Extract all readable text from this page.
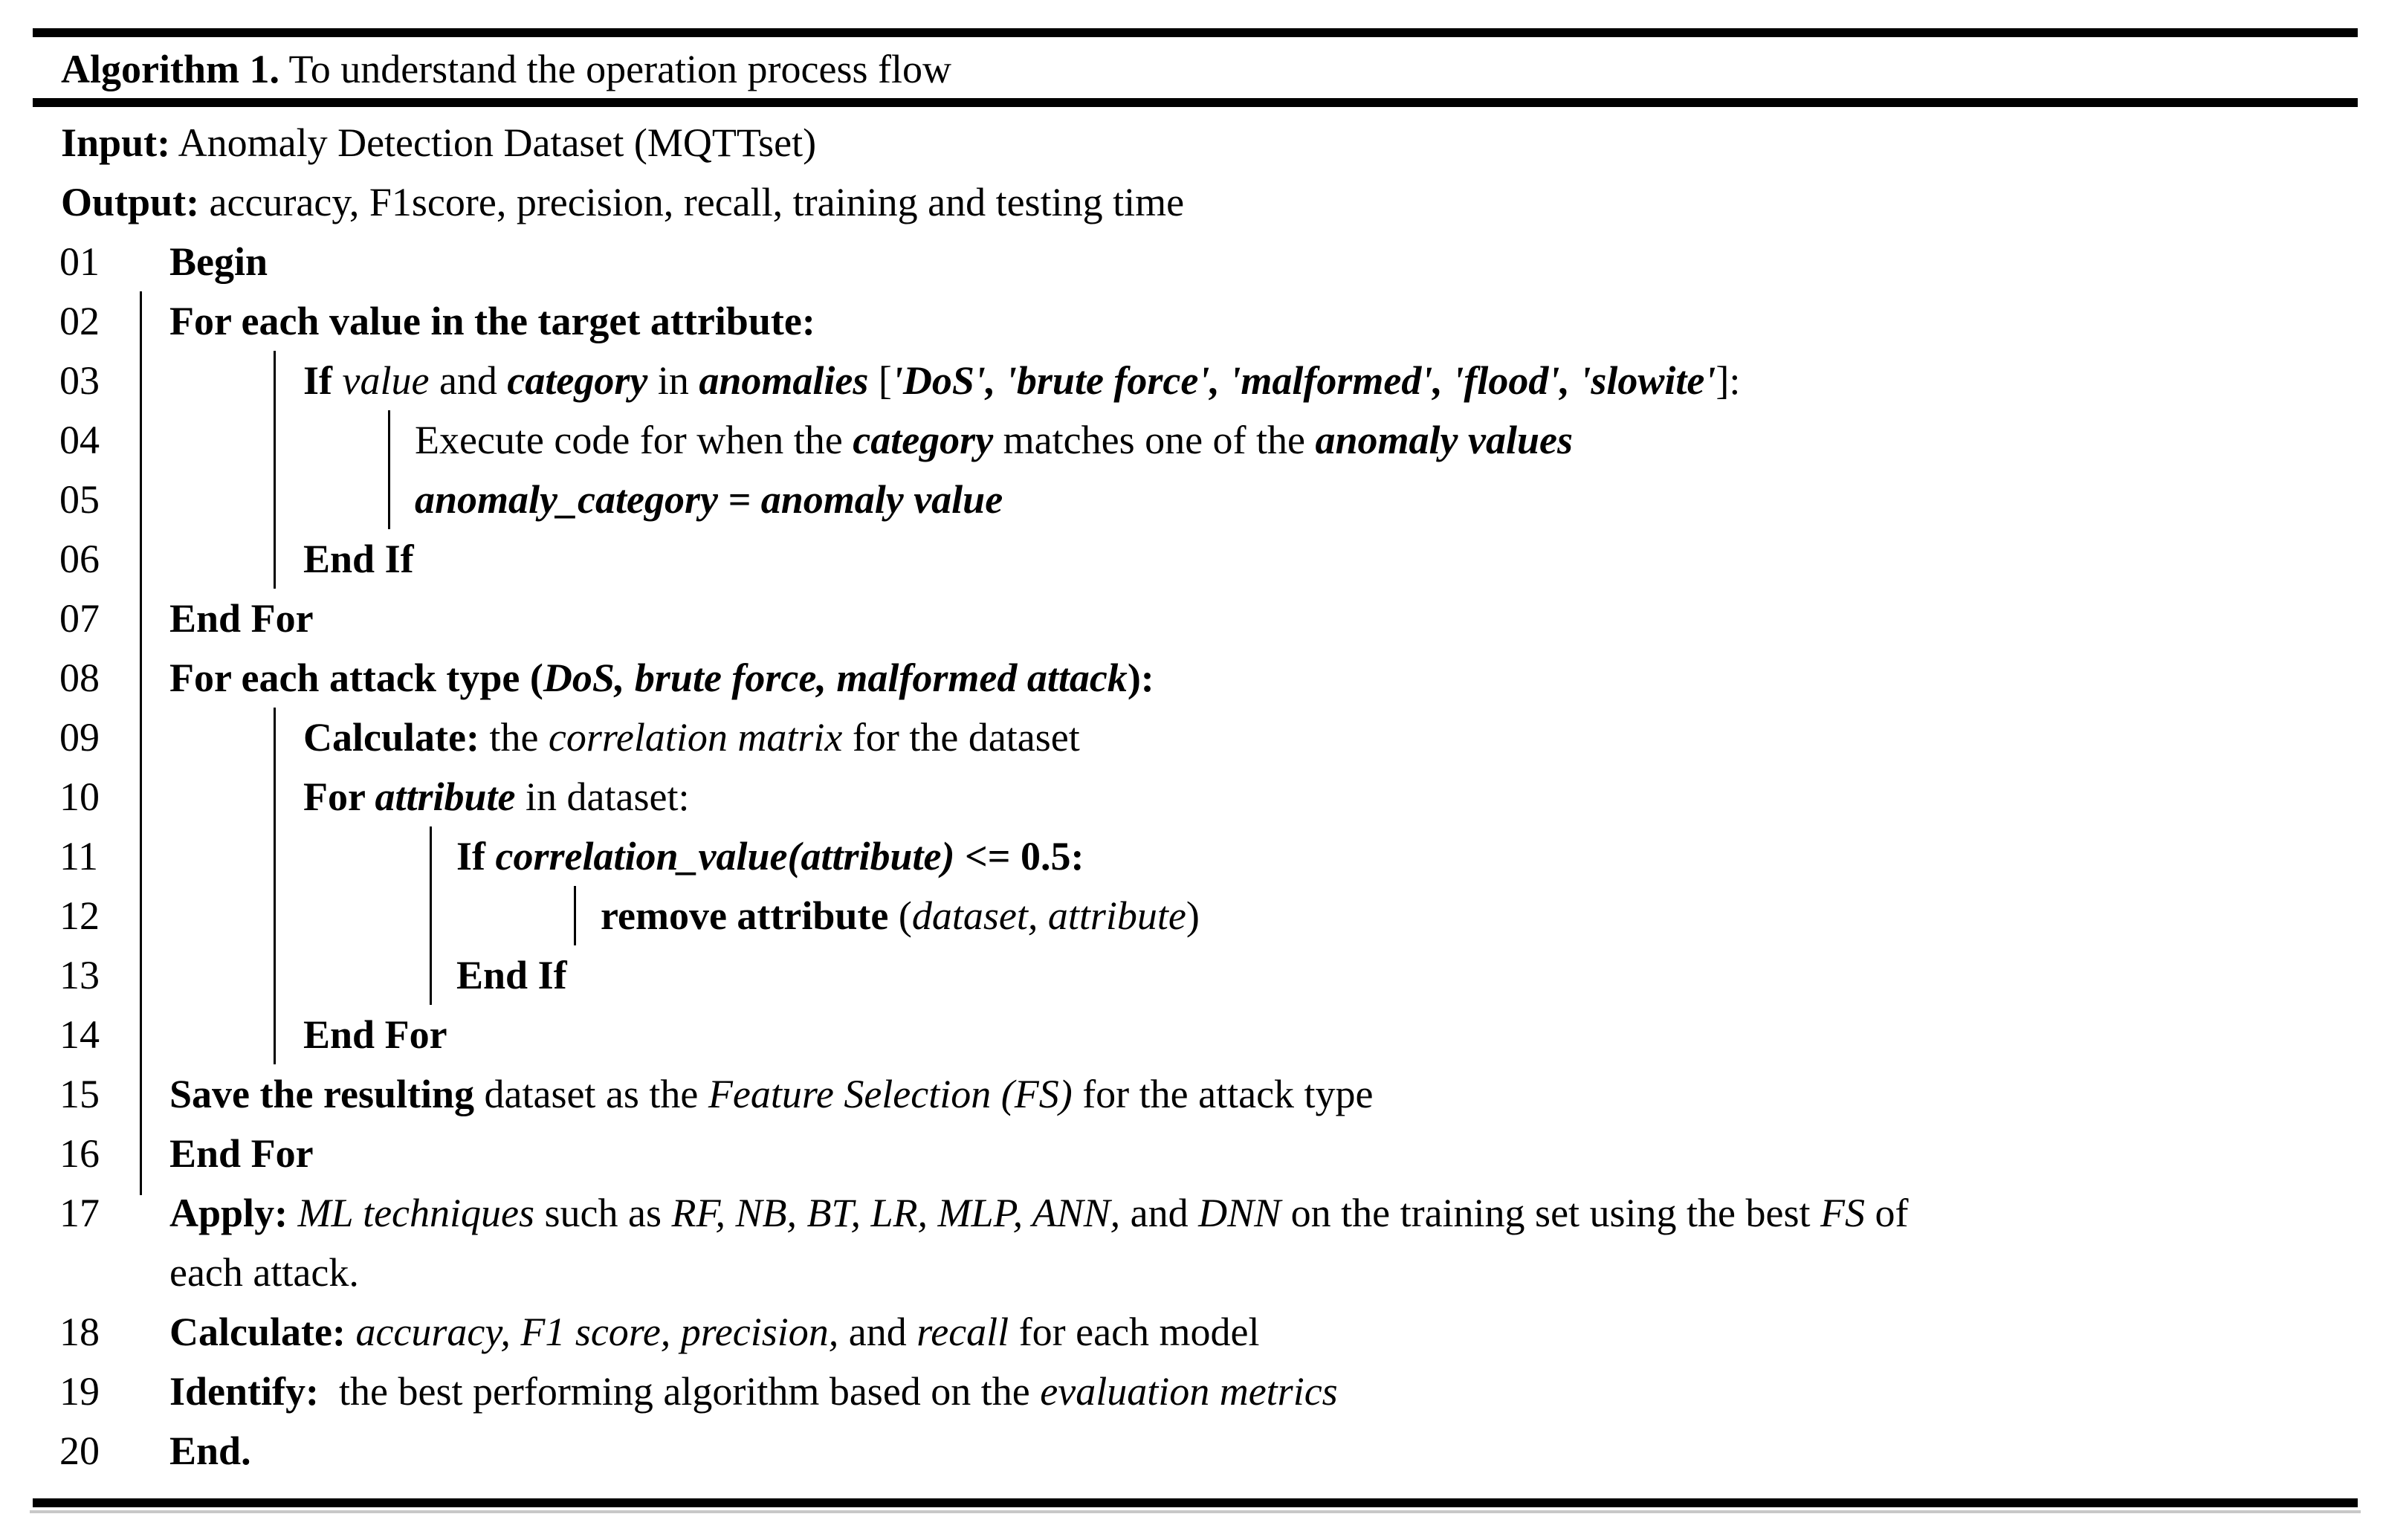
Algorithm 1. To understand the operation process flow
Input: Anomaly Detection Dataset (MQTTset)
Output: accuracy, F1score, precision, recall, training and testing time
01 Begin
02 For each value in the target attribute:
03	If value and category in anomalies ['DoS', 'brute force', 'malformed', 'flood', 'slowite']:
04	Execute code for when the category matches one of the anomaly values
05	anomaly_category = anomaly value
06	End If
07 End For
08 For each attack type (DoS, brute force, malformed attack):
09	Calculate: the correlation matrix for the dataset
10	For attribute in dataset:
11	If correlation_value(attribute) <= 0.5:
12	remove attribute (dataset, attribute)
13	End If
14	End For
15 Save the resulting dataset as the Feature Selection (FS) for the attack type
16 End For
17 Apply: ML techniques such as RF, NB, BT, LR, MLP, ANN, and DNN on the training set using the best FS of
each attack.
18 Calculate: accuracy, F1 score, precision, and recall for each model
19 Identify:  the best performing algorithm based on the evaluation metrics
20 End.
